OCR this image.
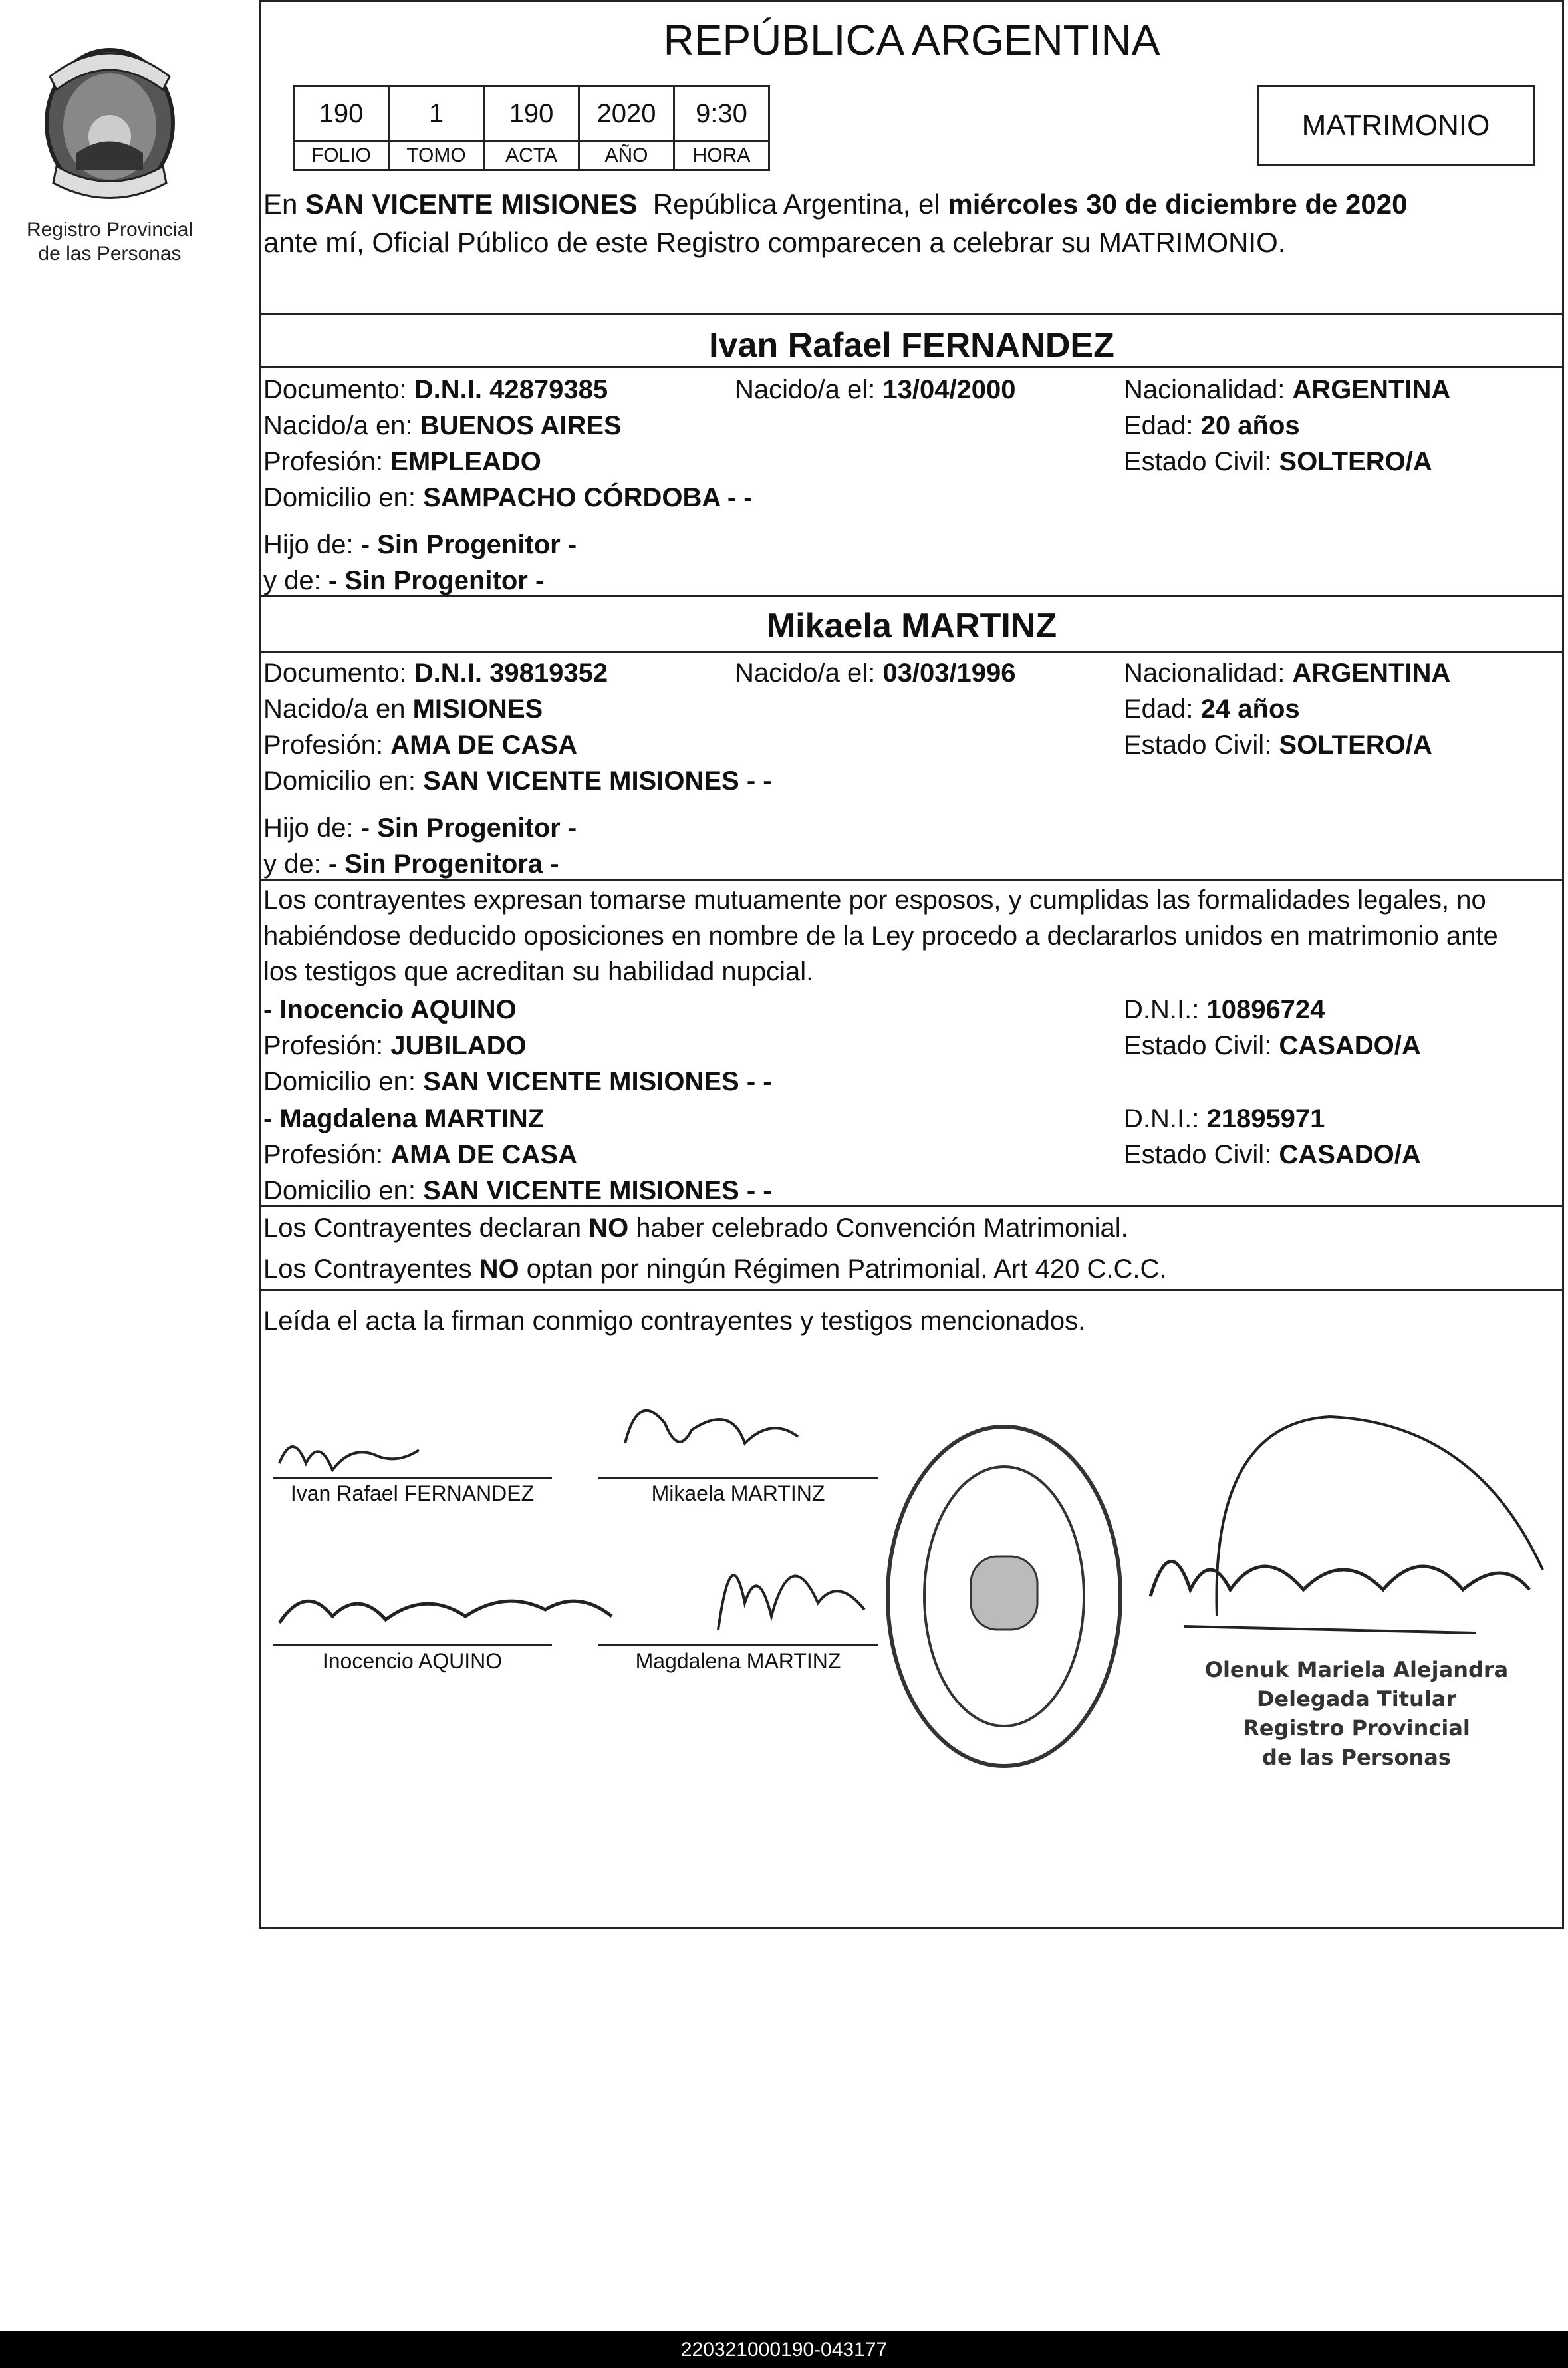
Registro Provincial
de las Personas
REPÚBLICA ARGENTINA
190	1	190	2020	9:30
FOLIO	TOMO	ACTA	AÑO	HORA
MATRIMONIO
En SAN VICENTE MISIONES  República Argentina, el miércoles 30 de diciembre de 2020
ante mí, Oficial Público de este Registro comparecen a celebrar su MATRIMONIO.
Ivan Rafael FERNANDEZ
Documento: D.N.I. 42879385	Nacido/a el: 13/04/2000	Nacionalidad: ARGENTINA
Nacido/a en: BUENOS AIRES	Edad: 20 años
Profesión: EMPLEADO	Estado Civil: SOLTERO/A
Domicilio en: SAMPACHO CÓRDOBA - -
Hijo de: - Sin Progenitor -
y de: - Sin Progenitor -
Mikaela MARTINZ
Documento: D.N.I. 39819352	Nacido/a el: 03/03/1996	Nacionalidad: ARGENTINA
Nacido/a en MISIONES	Edad: 24 años
Profesión: AMA DE CASA	Estado Civil: SOLTERO/A
Domicilio en: SAN VICENTE MISIONES - -
Hijo de: - Sin Progenitor -
y de: - Sin Progenitora -
Los contrayentes expresan tomarse mutuamente por esposos, y cumplidas las formalidades legales, no
habiéndose deducido oposiciones en nombre de la Ley procedo a declararlos unidos en matrimonio ante
los testigos que acreditan su habilidad nupcial.
- Inocencio AQUINO	D.N.I.: 10896724
Profesión: JUBILADO	Estado Civil: CASADO/A
Domicilio en: SAN VICENTE MISIONES - -
- Magdalena MARTINZ	D.N.I.: 21895971
Profesión: AMA DE CASA	Estado Civil: CASADO/A
Domicilio en: SAN VICENTE MISIONES - -
Los Contrayentes declaran NO haber celebrado Convención Matrimonial.
Los Contrayentes NO optan por ningún Régimen Patrimonial. Art 420 C.C.C.
Leída el acta la firman conmigo contrayentes y testigos mencionados.
Ivan Rafael FERNANDEZ	Mikaela MARTINZ
Inocencio AQUINO	Magdalena MARTINZ	Olenuk Mariela Alejandra
Delegada Titular
Registro Provincial
de las Personas
220321000190-043177
